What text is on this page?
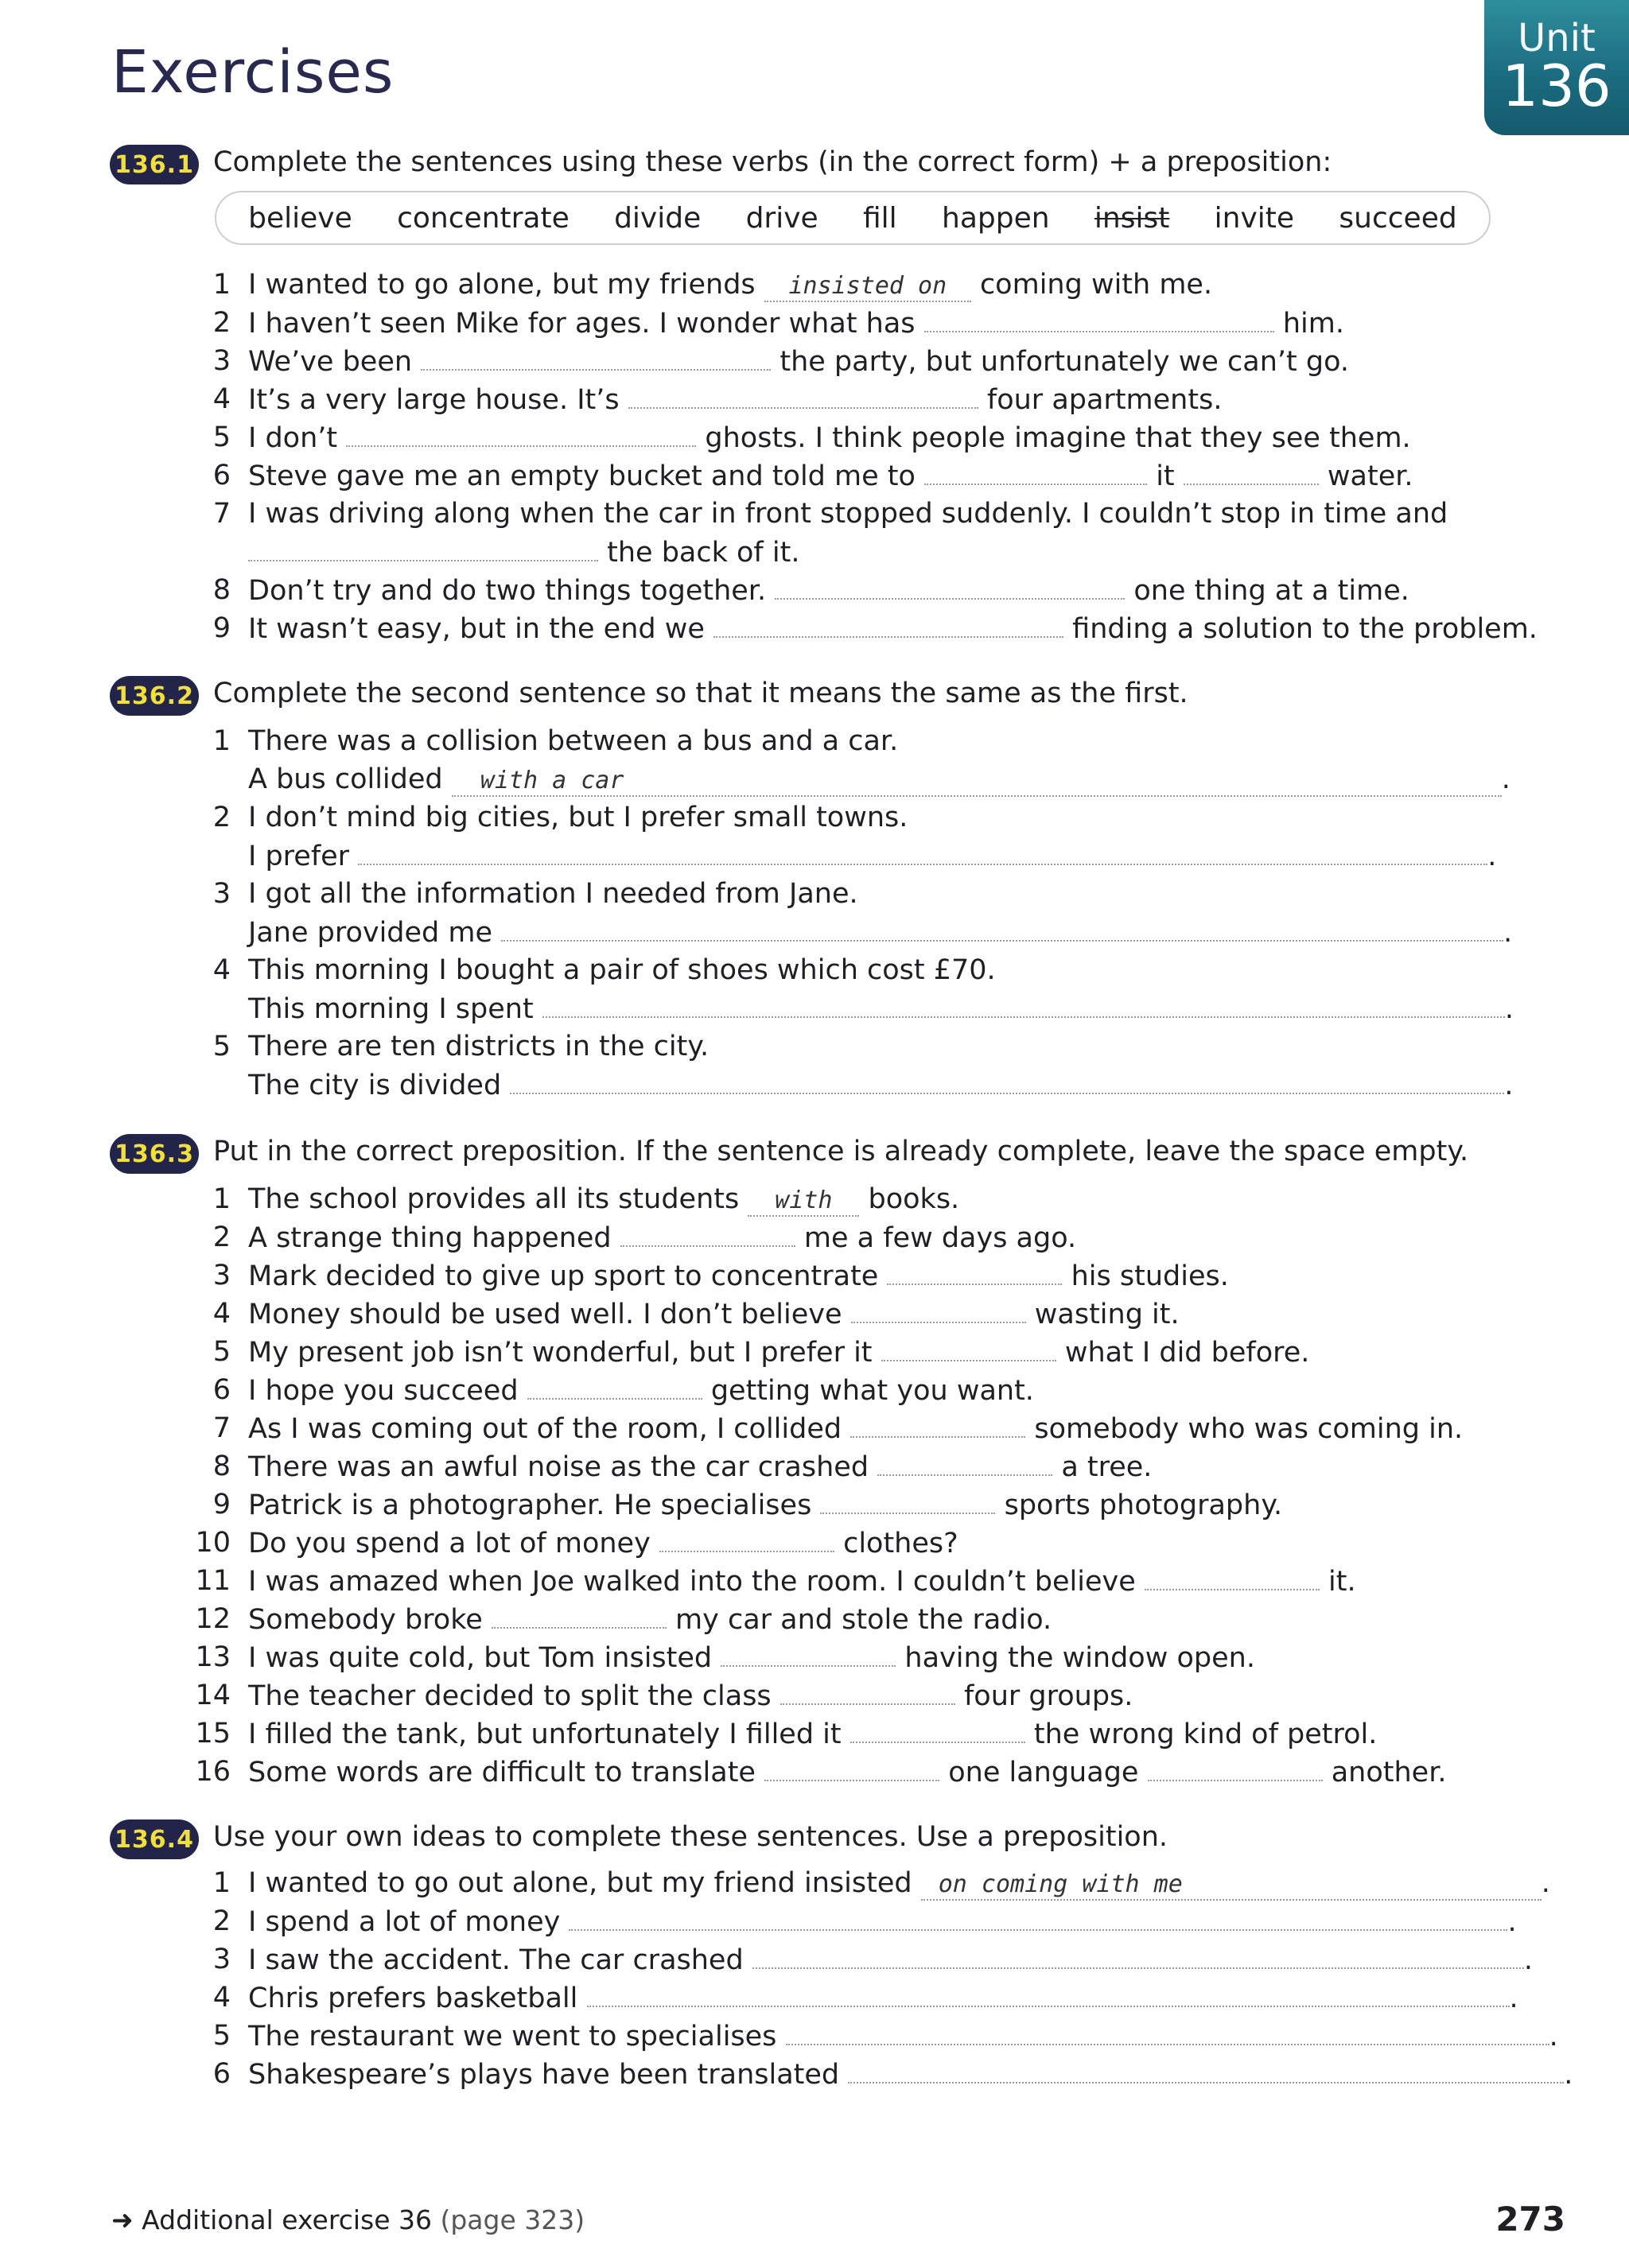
Exercises	Unit
136
136.1 Complete the sentences using these verbs (in the correct form) + a preposition:
believe concentrate divide drive fill happen insist invite succeed
1 I wanted to go alone, but my friends insisted on coming with me.
2 I haven’t seen Mike for ages. I wonder what has	him.
3 We’ve been	the party, but unfortunately we can’t go.
4 It’s a very large house. It’s	four apartments.
5 I don’t	ghosts. I think people imagine that they see them.
6 Steve gave me an empty bucket and told me to	it	water.
7 I was driving along when the car in front stopped suddenly. I couldn’t stop in time and
the back of it.
8 Don’t try and do two things together.	one thing at a time.
9 It wasn’t easy, but in the end we	finding a solution to the problem.
136.2 Complete the second sentence so that it means the same as the first.
1 There was a collision between a bus and a car.
A bus collided with a car	.
2 I don’t mind big cities, but I prefer small towns.
I prefer	.
3 I got all the information I needed from Jane.
Jane provided me	.
4 This morning I bought a pair of shoes which cost £70.
This morning I spent	.
5 There are ten districts in the city.
The city is divided	.
136.3 Put in the correct preposition. If the sentence is already complete, leave the space empty.
1 The school provides all its students with books.
2 A strange thing happened	me a few days ago.
3 Mark decided to give up sport to concentrate	his studies.
4 Money should be used well. I don’t believe	wasting it.
5 My present job isn’t wonderful, but I prefer it	what I did before.
6 I hope you succeed	getting what you want.
7 As I was coming out of the room, I collided	somebody who was coming in.
8 There was an awful noise as the car crashed	a tree.
9 Patrick is a photographer. He specialises	sports photography.
10 Do you spend a lot of money	clothes?
11 I was amazed when Joe walked into the room. I couldn’t believe	it.
12 Somebody broke	my car and stole the radio.
13 I was quite cold, but Tom insisted	having the window open.
14 The teacher decided to split the class	four groups.
15 I filled the tank, but unfortunately I filled it	the wrong kind of petrol.
16 Some words are difficult to translate	one language	another.
136.4 Use your own ideas to complete these sentences. Use a preposition.
1 I wanted to go out alone, but my friend insisted on coming with me	.
2 I spend a lot of money	.
3 I saw the accident. The car crashed	.
4 Chris prefers basketball	.
5 The restaurant we went to specialises	.
6 Shakespeare’s plays have been translated	.
➜ Additional exercise 36 (page 323)	273
